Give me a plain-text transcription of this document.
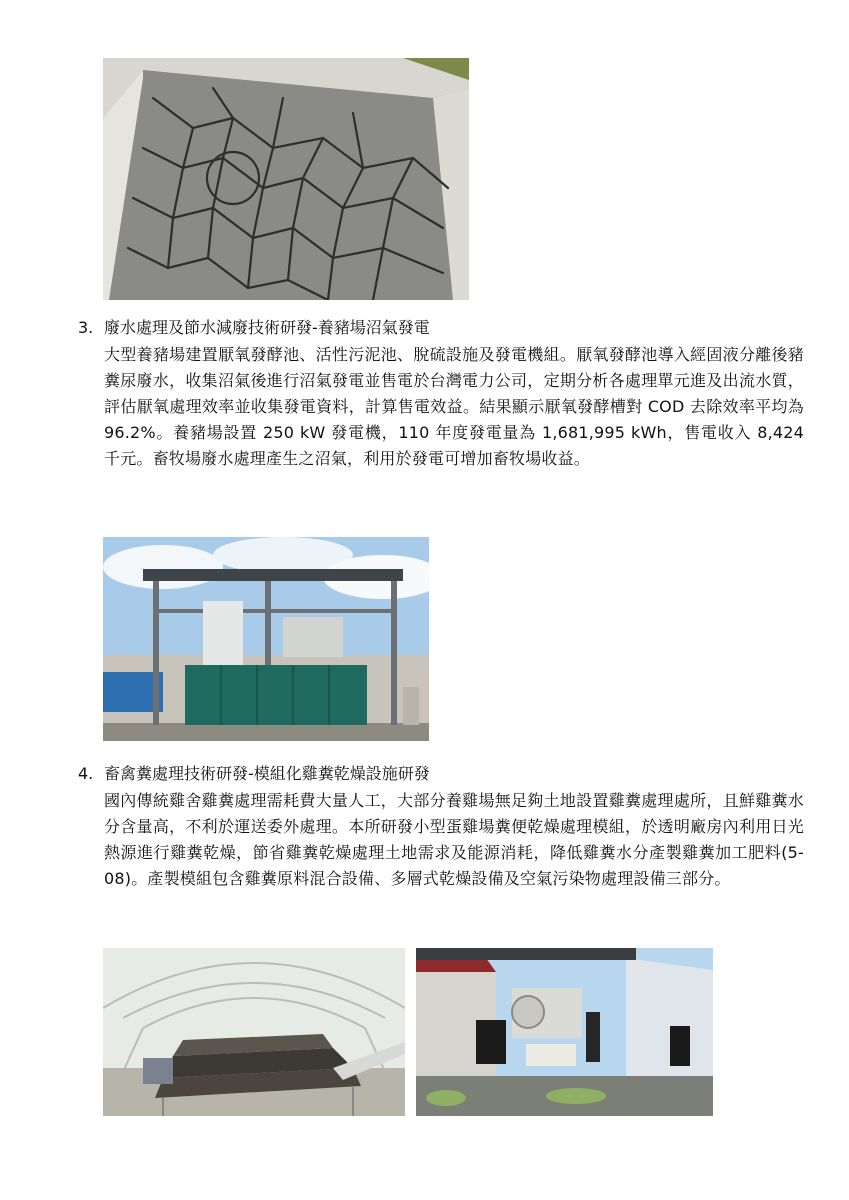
3. 廢水處理及節水減廢技術研發-養豬場沼氣發電
大型養豬場建置厭氧發酵池、活性污泥池、脫硫設施及發電機組。厭氧發酵池導入經固液分離後豬糞尿廢水，收集沼氣後進行沼氣發電並售電於台灣電力公司，定期分析各處理單元進及出流水質，評估厭氧處理效率並收集發電資料，計算售電效益。結果顯示厭氧發酵槽對 COD 去除效率平均為 96.2%。養豬場設置 250 kW 發電機，110 年度發電量為 1,681,995 kWh，售電收入 8,424 千元。畜牧場廢水處理產生之沼氣，利用於發電可增加畜牧場收益。
4. 畜禽糞處理技術研發-模組化雞糞乾燥設施研發
國內傳統雞舍雞糞處理需耗費大量人工，大部分養雞場無足夠土地設置雞糞處理處所，且鮮雞糞水分含量高，不利於運送委外處理。本所研發小型蛋雞場糞便乾燥處理模組，於透明廠房內利用日光熱源進行雞糞乾燥，節省雞糞乾燥處理土地需求及能源消耗，降低雞糞水分產製雞糞加工肥料(5-08)。產製模組包含雞糞原料混合設備、多層式乾燥設備及空氣污染物處理設備三部分。
